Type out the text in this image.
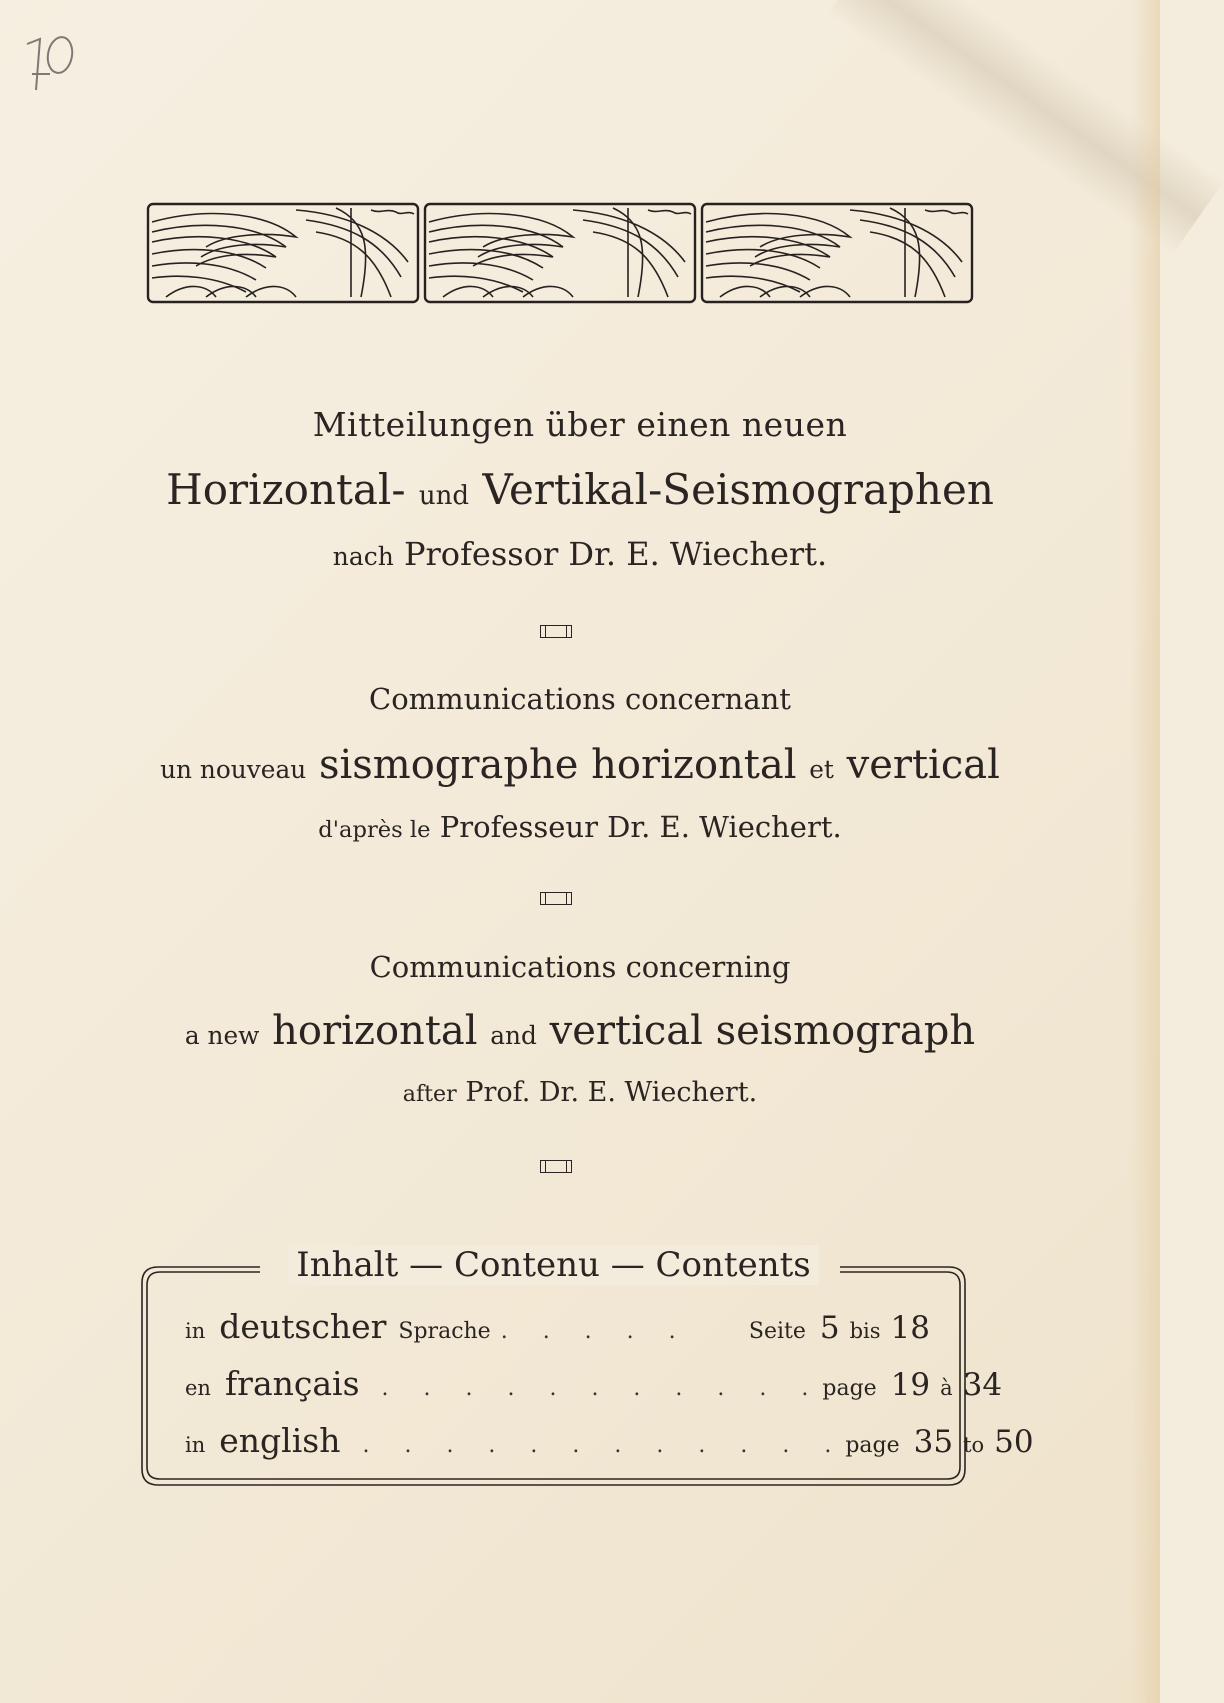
Mitteilungen über einen neuen
Horizontal- und Vertikal-Seismographen
nach Professor Dr. E. Wiechert.
Communications concernant
un nouveau sismographe horizontal et vertical
d'après le Professeur Dr. E. Wiechert.
Communications concerning
a new horizontal and vertical seismograph
after Prof. Dr. E. Wiechert.
Inhalt — Contenu — Contents
in deutscher Sprache . . . . .	Seite 5 bis 18
en français	. . . . . . . . . . . page 19 à 34
in english	. . . . . . . . . . . . page 35 to 50
